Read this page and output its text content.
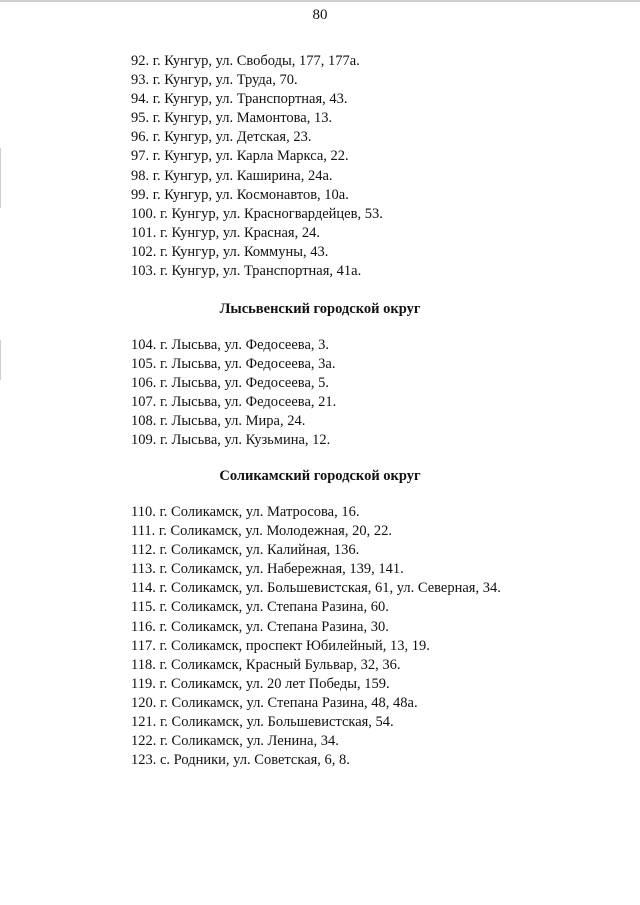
80
92. г. Кунгур, ул. Свободы, 177, 177а.
93. г. Кунгур, ул. Труда, 70.
94. г. Кунгур, ул. Транспортная, 43.
95. г. Кунгур, ул. Мамонтова, 13.
96. г. Кунгур, ул. Детская, 23.
97. г. Кунгур, ул. Карла Маркса, 22.
98. г. Кунгур, ул. Каширина, 24а.
99. г. Кунгур, ул. Космонавтов, 10а.
100. г. Кунгур, ул. Красногвардейцев, 53.
101. г. Кунгур, ул. Красная, 24.
102. г. Кунгур, ул. Коммуны, 43.
103. г. Кунгур, ул. Транспортная, 41а.
Лысьвенский городской округ
104. г. Лысьва, ул. Федосеева, 3.
105. г. Лысьва, ул. Федосеева, 3а.
106. г. Лысьва, ул. Федосеева, 5.
107. г. Лысьва, ул. Федосеева, 21.
108. г. Лысьва, ул. Мира, 24.
109. г. Лысьва, ул. Кузьмина, 12.
Соликамский городской округ
110. г. Соликамск, ул. Матросова, 16.
111. г. Соликамск, ул. Молодежная, 20, 22.
112. г. Соликамск, ул. Калийная, 136.
113. г. Соликамск, ул. Набережная, 139, 141.
114. г. Соликамск, ул. Большевистская, 61, ул. Северная, 34.
115. г. Соликамск, ул. Степана Разина, 60.
116. г. Соликамск, ул. Степана Разина, 30.
117. г. Соликамск, проспект Юбилейный, 13, 19.
118. г. Соликамск, Красный Бульвар, 32, 36.
119. г. Соликамск, ул. 20 лет Победы, 159.
120. г. Соликамск, ул. Степана Разина, 48, 48а.
121. г. Соликамск, ул. Большевистская, 54.
122. г. Соликамск, ул. Ленина, 34.
123. с. Родники, ул. Советская, 6, 8.
